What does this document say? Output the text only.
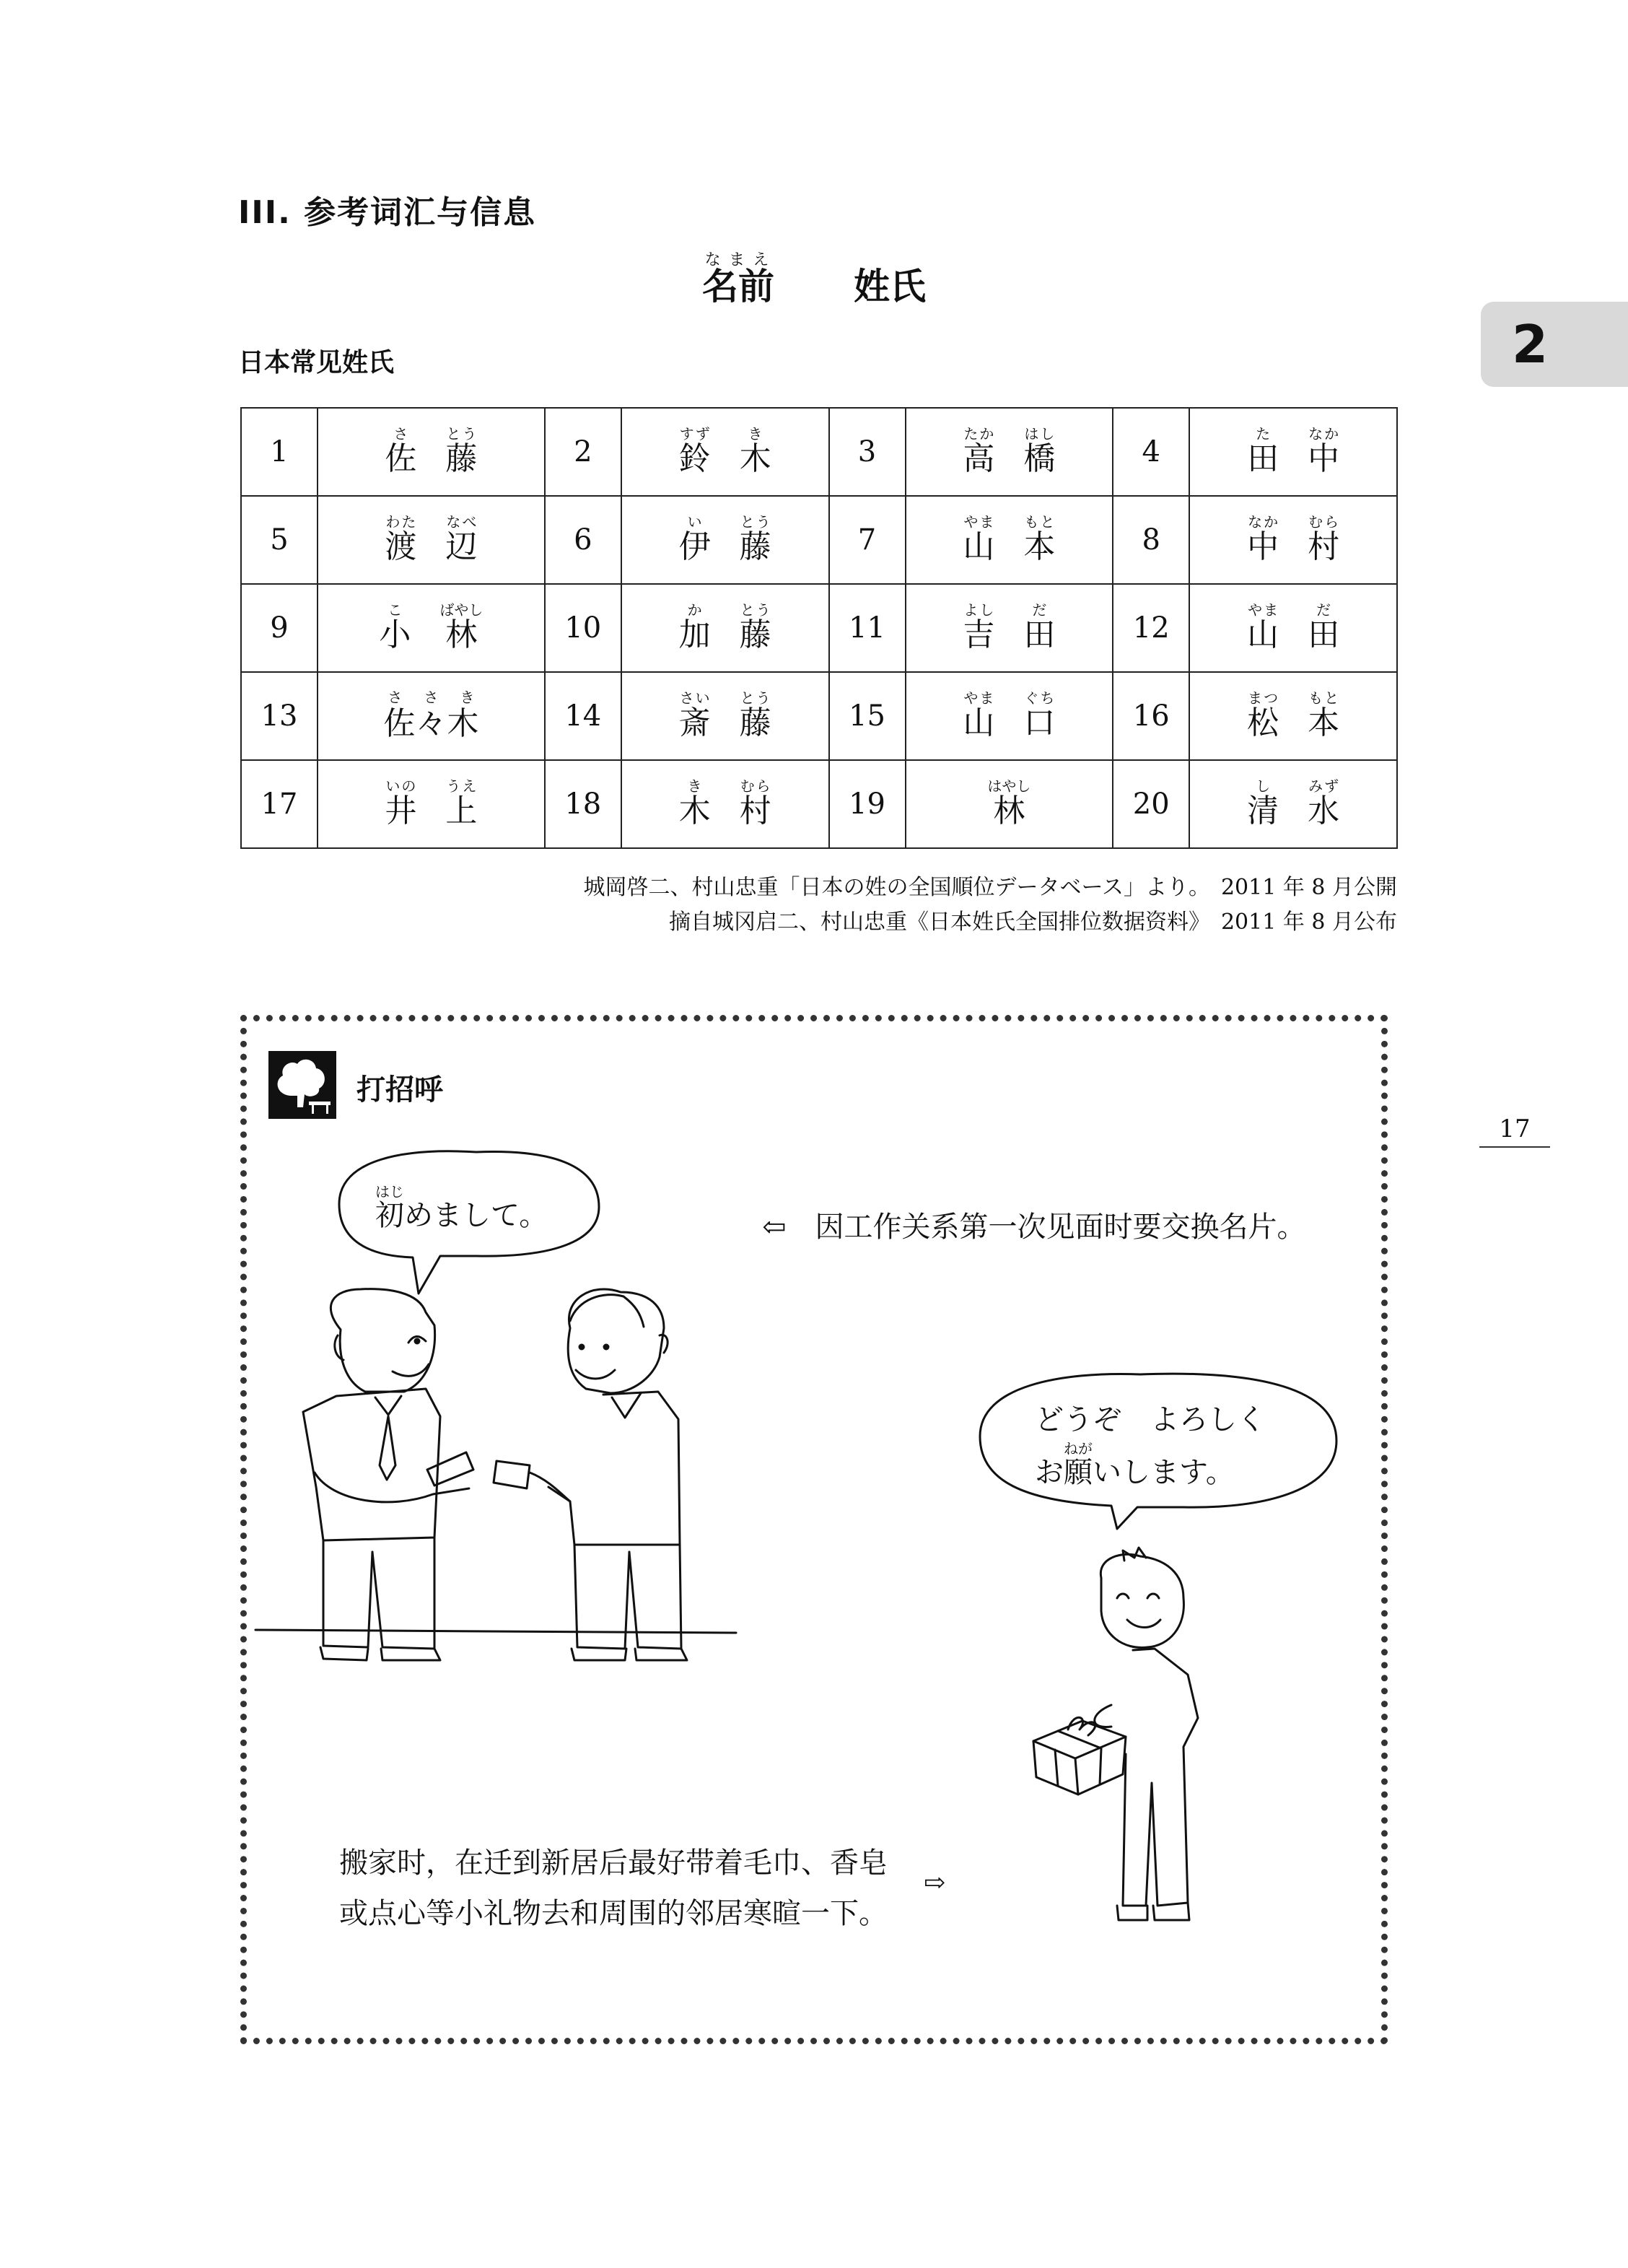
III. 参考词汇与信息
名前なまえ姓氏
2
日本常见姓氏
1	佐さ藤とう	2	鈴すず木き	3	高たか橋はし	4	田た中なか
5	渡わた辺なべ	6	伊い藤とう	7	山やま本もと	8	中なか村むら
9	小こ林ばやし	10	加か藤とう	11	吉よし田だ	12	山やま田だ
13	佐々木さ さ き	14	斎さい藤とう	15	山やま口ぐち	16	松まつ本もと
17	井いの上うえ	18	木き村むら	19	林はやし	20	清し水みず
城岡啓二、村山忠重「日本の姓の全国順位データベース」より。　2011 年 8 月公開
摘自城冈启二、村山忠重《日本姓氏全国排位数据资料》　2011 年 8 月公布
17
打招呼
初はじめまして。	⇦　因工作关系第一次见面时要交换名片。
どうぞ　よろしく
お願ねがいします。
搬家时，在迁到新居后最好带着毛巾、香皂
或点心等小礼物去和周围的邻居寒暄一下。
⇨
